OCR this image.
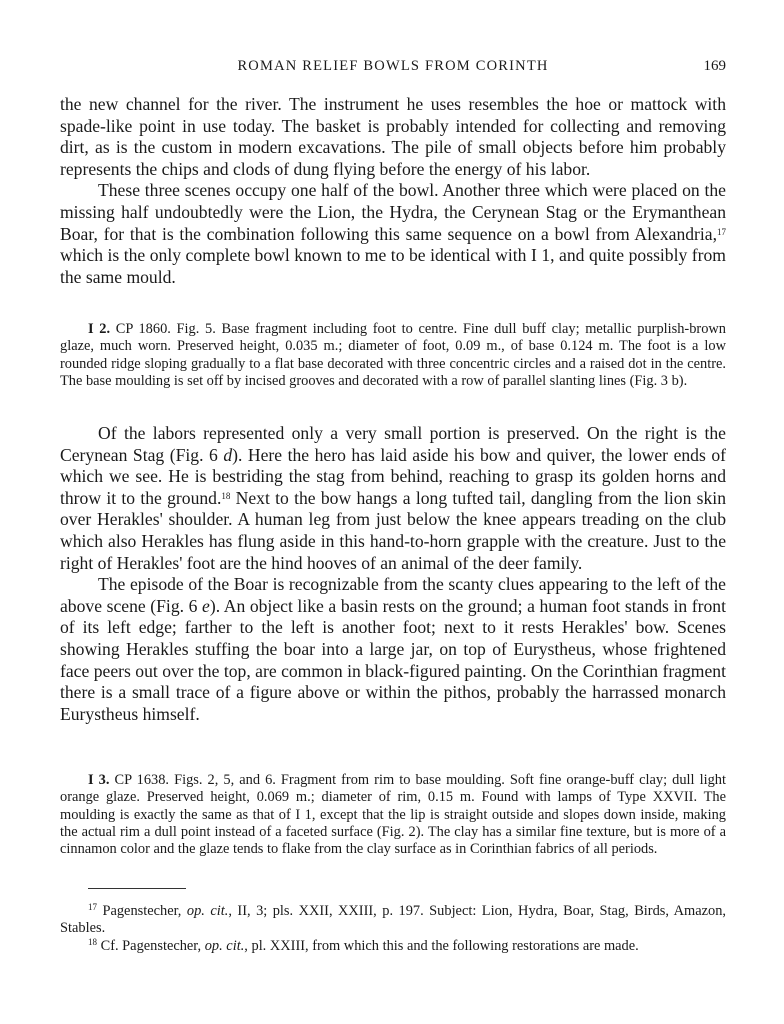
ROMAN RELIEF BOWLS FROM CORINTH	169

the new channel for the river. The instrument he uses resembles the hoe or mattock with spade-like point in use today. The basket is probably intended for collecting and removing dirt, as is the custom in modern excavations. The pile of small objects before him probably represents the chips and clods of dung flying before the energy of his labor.

These three scenes occupy one half of the bowl. Another three which were placed on the missing half undoubtedly were the Lion, the Hydra, the Cerynean Stag or the Erymanthean Boar, for that is the combination following this same sequence on a bowl from Alexandria,$^{17}$ which is the only complete bowl known to me to be identical with I 1, and quite possibly from the same mould.

I 2. CP 1860. Fig. 5. Base fragment including foot to centre. Fine dull buff clay; metallic purplish-brown glaze, much worn. Preserved height, 0.035 m.; diameter of foot, 0.09 m., of base 0.124 m. The foot is a low rounded ridge sloping gradually to a flat base decorated with three concentric circles and a raised dot in the centre. The base moulding is set off by incised grooves and decorated with a row of parallel slanting lines (Fig. 3 b).

Of the labors represented only a very small portion is preserved. On the right is the Cerynean Stag (Fig. 6 d). Here the hero has laid aside his bow and quiver, the lower ends of which we see. He is bestriding the stag from behind, reaching to grasp its golden horns and throw it to the ground.$^{18}$ Next to the bow hangs a long tufted tail, dangling from the lion skin over Herakles' shoulder. A human leg from just below the knee appears treading on the club which also Herakles has flung aside in this hand-to-horn grapple with the creature. Just to the right of Herakles' foot are the hind hooves of an animal of the deer family.

The episode of the Boar is recognizable from the scanty clues appearing to the left of the above scene (Fig. 6 e). An object like a basin rests on the ground; a human foot stands in front of its left edge; farther to the left is another foot; next to it rests Herakles' bow. Scenes showing Herakles stuffing the boar into a large jar, on top of Eurystheus, whose frightened face peers out over the top, are common in black-figured painting. On the Corinthian fragment there is a small trace of a figure above or within the pithos, probably the harrassed monarch Eurystheus himself.

I 3. CP 1638. Figs. 2, 5, and 6. Fragment from rim to base moulding. Soft fine orange-buff clay; dull light orange glaze. Preserved height, 0.069 m.; diameter of rim, 0.15 m. Found with lamps of Type XXVII. The moulding is exactly the same as that of I 1, except that the lip is straight outside and slopes down inside, making the actual rim a dull point instead of a faceted surface (Fig. 2). The clay has a similar fine texture, but is more of a cinnamon color and the glaze tends to flake from the clay surface as in Corinthian fabrics of all periods.

$^{17}$ Pagenstecher, op. cit., II, 3; pls. XXII, XXIII, p. 197. Subject: Lion, Hydra, Boar, Stag, Birds, Amazon, Stables.

$^{18}$ Cf. Pagenstecher, op. cit., pl. XXIII, from which this and the following restorations are made.
